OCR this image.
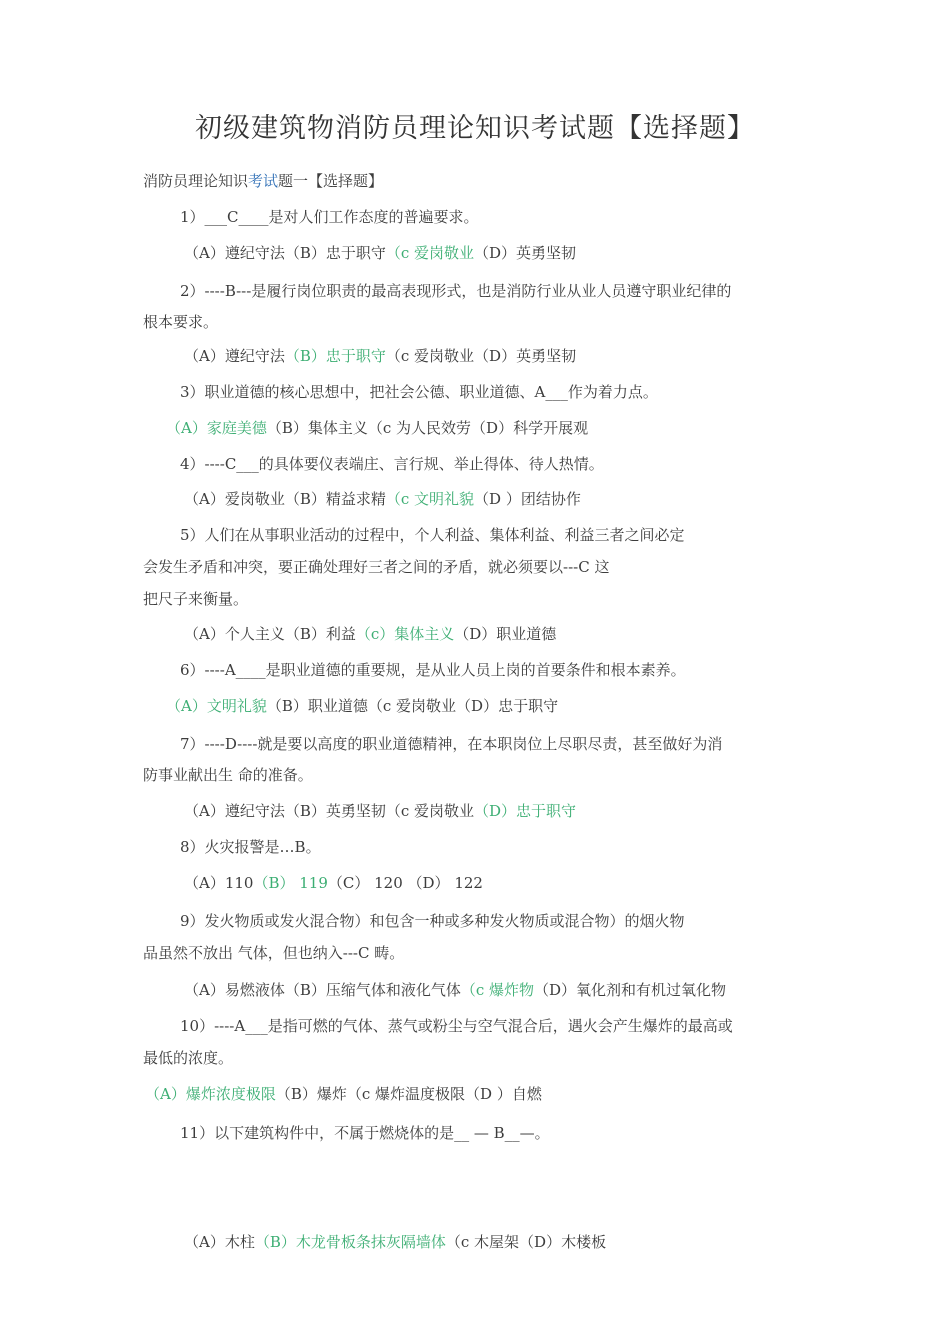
初级建筑物消防员理论知识考试题【选择题】
消防员理论知识考试题一【选择题】
1）___C____是对人们工作态度的普遍要求。
（A）遵纪守法（B）忠于职守（c 爱岗敬业（D）英勇坚韧
2）----B---是履行岗位职责的最高表现形式，也是消防行业从业人员遵守职业纪律的
根本要求。
（A）遵纪守法（B）忠于职守（c 爱岗敬业（D）英勇坚韧
3）职业道德的核心思想中，把社会公德、职业道德、A___作为着力点。
（A）家庭美德（B）集体主义（c 为人民效劳（D）科学开展观
4）----C___的具体要仪表端庄、言行规、举止得体、待人热情。
（A）爱岗敬业（B）精益求精（c 文明礼貌（D ）团结协作
5）人们在从事职业活动的过程中，个人利益、集体利益、利益三者之间必定
会发生矛盾和冲突，要正确处理好三者之间的矛盾，就必须要以---C 这
把尺子来衡量。
（A）个人主义（B）利益（c）集体主义（D）职业道德
6）----A____是职业道德的重要规，是从业人员上岗的首要条件和根本素养。
（A）文明礼貌（B）职业道德（c 爱岗敬业（D）忠于职守
7）----D----就是要以高度的职业道德精神，在本职岗位上尽职尽责，甚至做好为消
防事业献出生 命的准备。
（A）遵纪守法（B）英勇坚韧（c 爱岗敬业（D）忠于职守
8）火灾报警是…B。
（A）110（B） 119（C） 120 （D） 122
9）发火物质或发火混合物）和包含一种或多种发火物质或混合物）的烟火物
品虽然不放出 气体，但也纳入---C 畴。
（A）易燃液体（B）压缩气体和液化气体（c 爆炸物（D）氧化剂和有机过氧化物
10）----A___是指可燃的气体、蒸气或粉尘与空气混合后，遇火会产生爆炸的最高或
最低的浓度。
（A）爆炸浓度极限（B）爆炸（c 爆炸温度极限（D ）自燃
11）以下建筑构件中，不属于燃烧体的是__ — B__—。
（A）木柱（B）木龙骨板条抹灰隔墙体（c 木屋架（D）木楼板
